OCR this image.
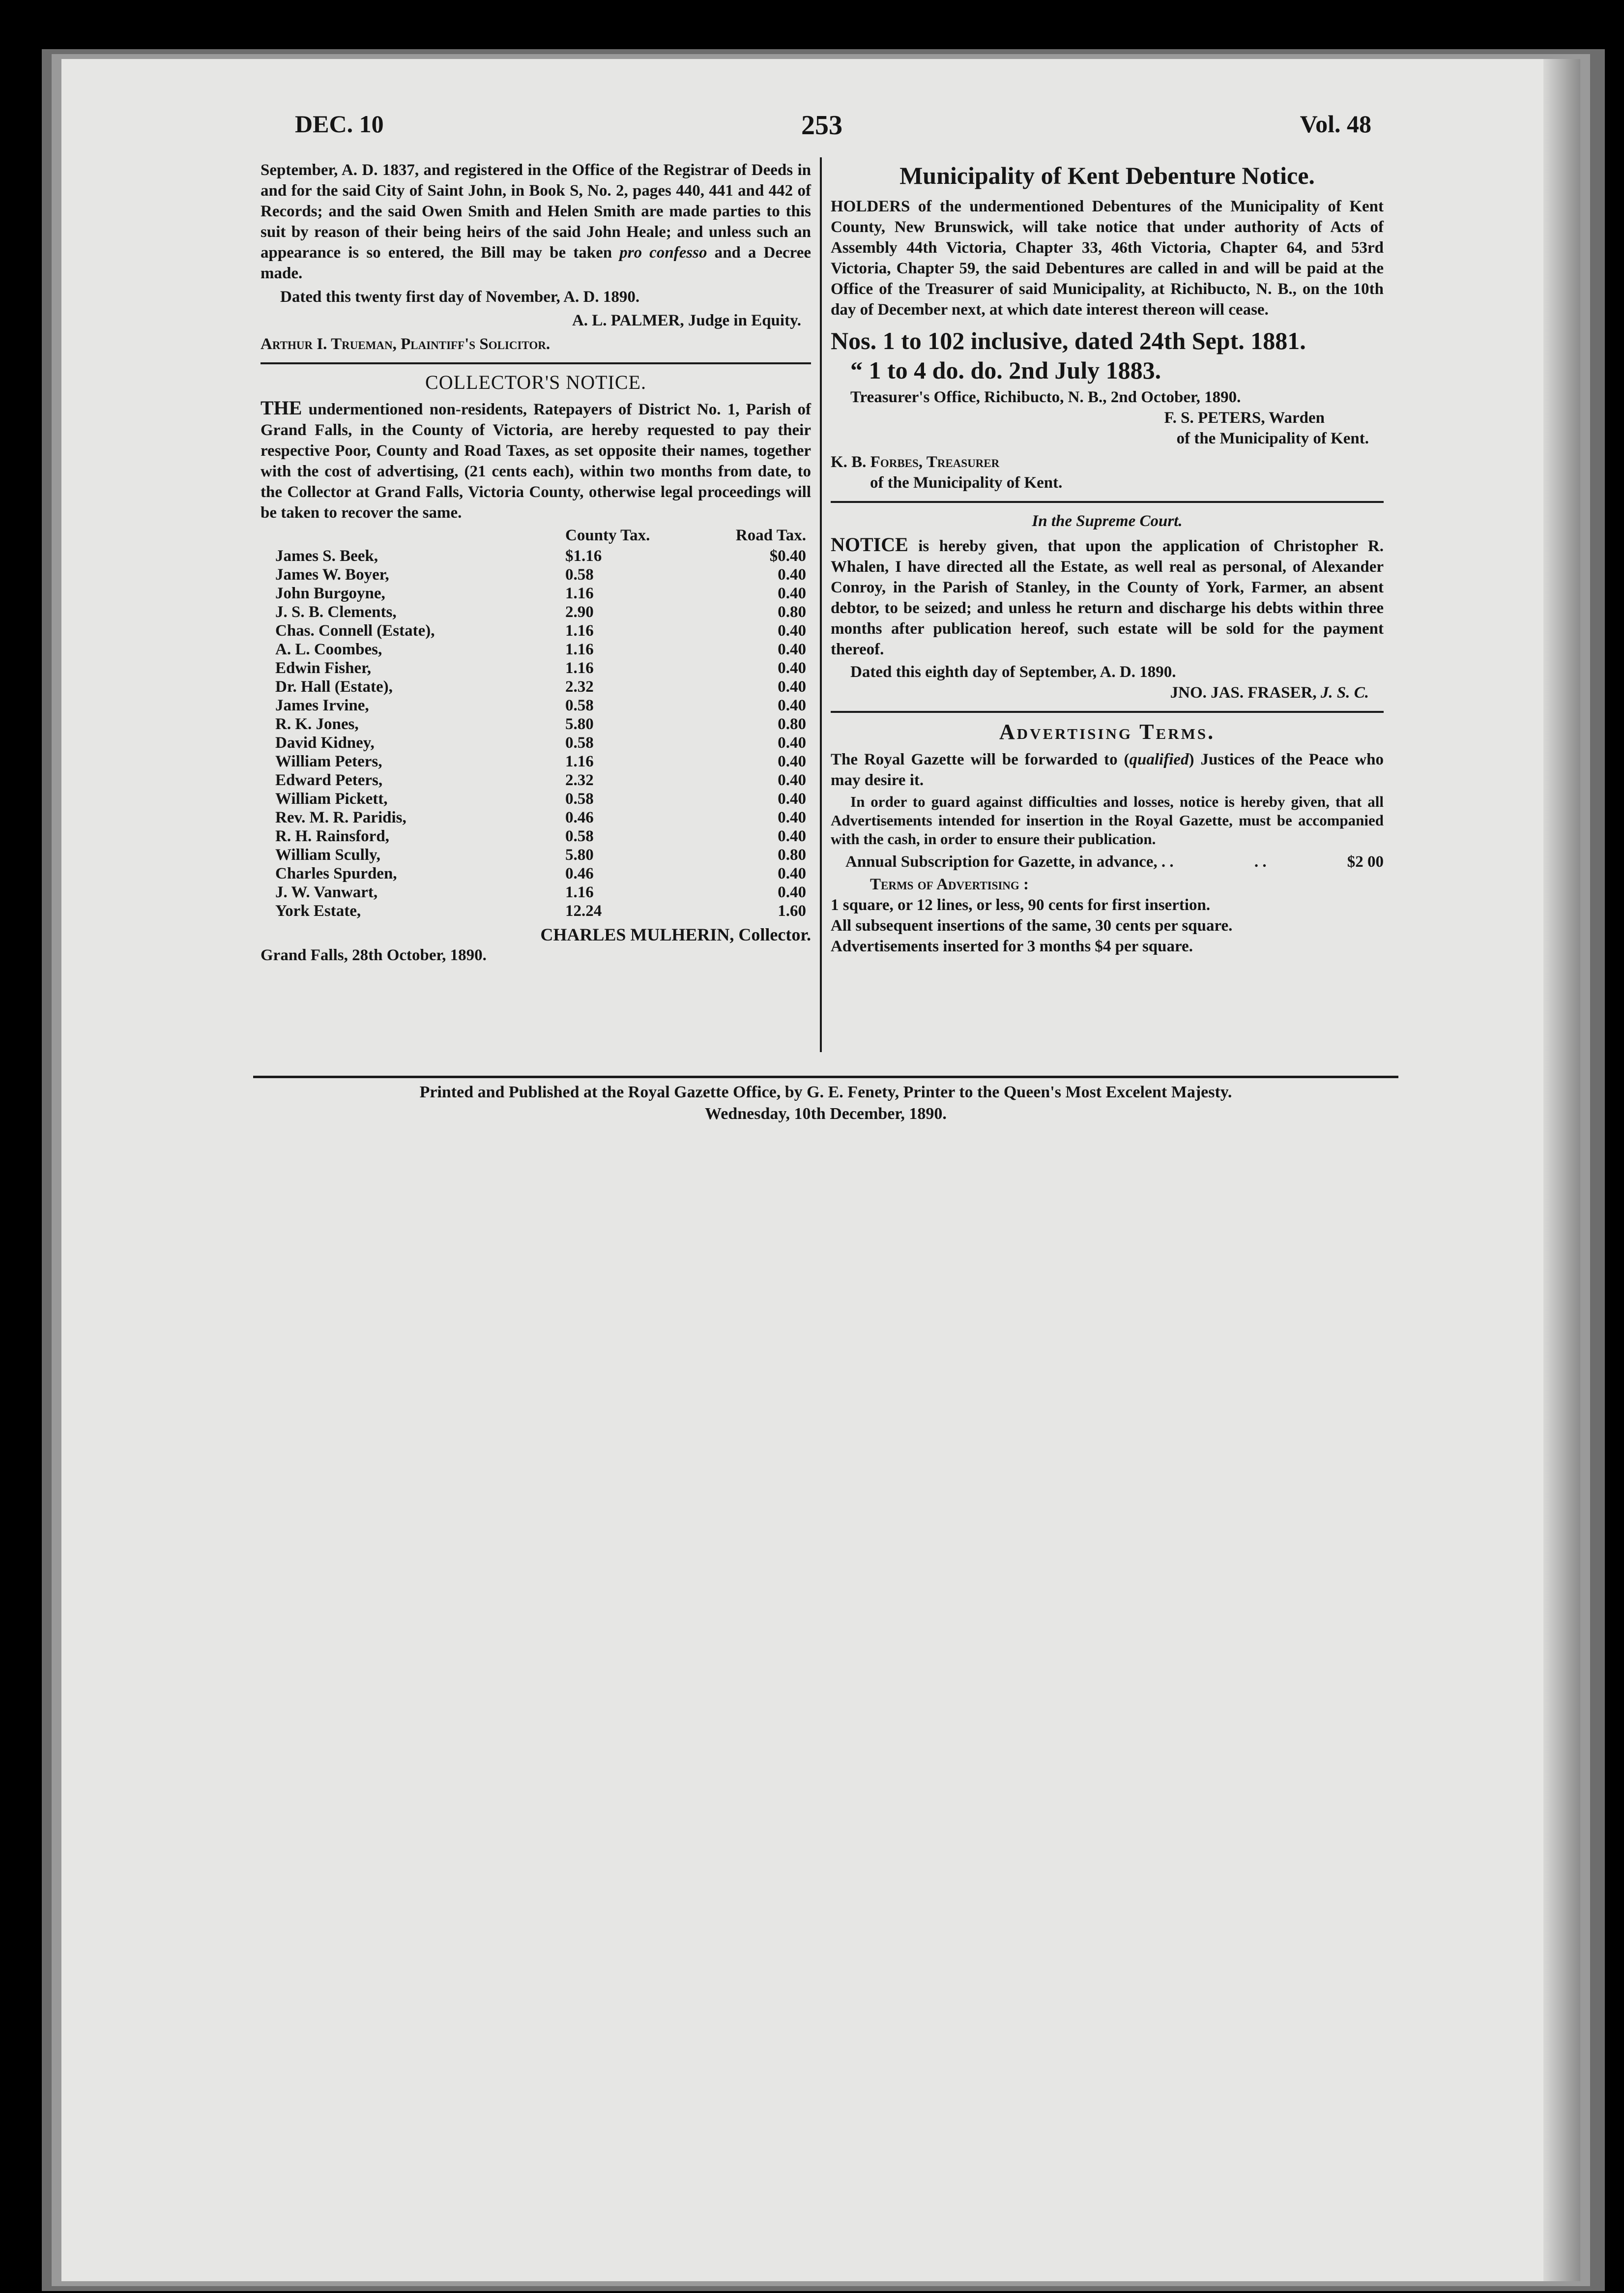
DEC. 10	253	Vol. 48

September, A. D. 1837, and registered in the Office of the Registrar of Deeds in and for the said City of Saint John, in Book S, No. 2, pages 440, 441 and 442 of Records; and the said Owen Smith and Helen Smith are made parties to this suit by reason of their being heirs of the said John Heale; and unless such an appearance is so entered, the Bill may be taken pro confesso and a Decree made.

Dated this twenty first day of November, A. D. 1890.

A. L. PALMER, Judge in Equity.

Arthur I. Trueman, Plaintiff's Solicitor.

COLLECTOR'S NOTICE.

THE undermentioned non-residents, Ratepayers of District No. 1, Parish of Grand Falls, in the County of Victoria, are hereby requested to pay their respective Poor, County and Road Taxes, as set opposite their names, together with the cost of advertising, (21 cents each), within two months from date, to the Collector at Grand Falls, Victoria County, otherwise legal proceedings will be taken to recover the same.

	County Tax.	Road Tax.
James S. Beek,	$1.16	$0.40
James W. Boyer,	0.58	0.40
John Burgoyne,	1.16	0.40
J. S. B. Clements,	2.90	0.80
Chas. Connell (Estate),	1.16	0.40
A. L. Coombes,	1.16	0.40
Edwin Fisher,	1.16	0.40
Dr. Hall (Estate),	2.32	0.40
James Irvine,	0.58	0.40
R. K. Jones,	5.80	0.80
David Kidney,	0.58	0.40
William Peters,	1.16	0.40
Edward Peters,	2.32	0.40
William Pickett,	0.58	0.40
Rev. M. R. Paridis,	0.46	0.40
R. H. Rainsford,	0.58	0.40
William Scully,	5.80	0.80
Charles Spurden,	0.46	0.40
J. W. Vanwart,	1.16	0.40
York Estate,	12.24	1.60

CHARLES MULHERIN, Collector.

Grand Falls, 28th October, 1890.

Municipality of Kent Debenture Notice.

HOLDERS of the undermentioned Debentures of the Municipality of Kent County, New Brunswick, will take notice that under authority of Acts of Assembly 44th Victoria, Chapter 33, 46th Victoria, Chapter 64, and 53rd Victoria, Chapter 59, the said Debentures are called in and will be paid at the Office of the Treasurer of said Municipality, at Richibucto, N. B., on the 10th day of December next, at which date interest thereon will cease.

Nos. 1 to 102 inclusive, dated 24th Sept. 1881.
“ 1 to 4 do. do. 2nd July 1883.

Treasurer's Office, Richibucto, N. B., 2nd October, 1890.

F. S. PETERS, Warden

of the Municipality of Kent.

K. B. Forbes, Treasurer

of the Municipality of Kent.

In the Supreme Court.

NOTICE is hereby given, that upon the application of Christopher R. Whalen, I have directed all the Estate, as well real as personal, of Alexander Conroy, in the Parish of Stanley, in the County of York, Farmer, an absent debtor, to be seized; and unless he return and discharge his debts within three months after publication hereof, such estate will be sold for the payment thereof.

Dated this eighth day of September, A. D. 1890.

JNO. JAS. FRASER, J. S. C.

Advertising Terms.

The Royal Gazette will be forwarded to (qualified) Justices of the Peace who may desire it.

In order to guard against difficulties and losses, notice is hereby given, that all Advertisements intended for insertion in the Royal Gazette, must be accompanied with the cash, in order to ensure their publication.

Annual Subscription for Gazette, in advance, . .	. .	$2 00

Terms of Advertising :

1 square, or 12 lines, or less, 90 cents for first insertion.

All subsequent insertions of the same, 30 cents per square.

Advertisements inserted for 3 months $4 per square.

Printed and Published at the Royal Gazette Office, by G. E. Fenety, Printer to the Queen's Most Excelent Majesty.
Wednesday, 10th December, 1890.
